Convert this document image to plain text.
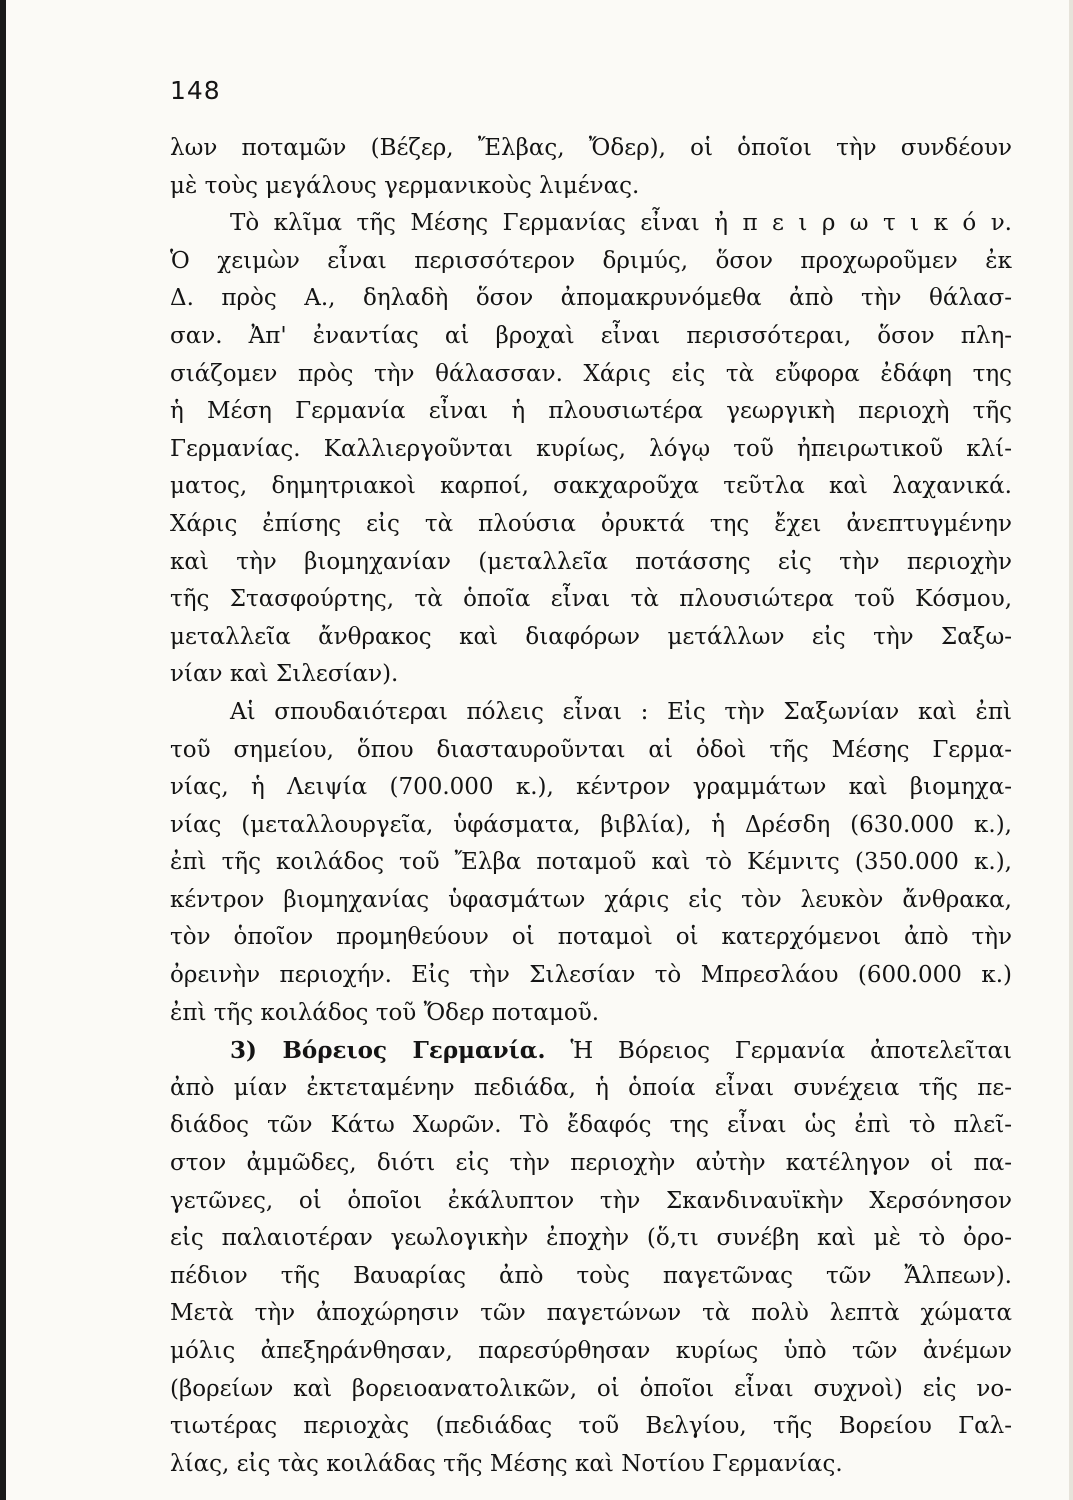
148
λων ποταμῶν (Βέζερ, Ἔλβας, Ὄδερ), οἱ ὁποῖοι τὴν συνδέουν
μὲ τοὺς μεγάλους γερμανικοὺς λιμένας.
Τὸ κλῖμα τῆς Μέσης Γερμανίας εἶναι ἠ π ε ι ρ ω τ ι κ ό ν.
Ὁ χειμὼν εἶναι περισσότερον δριμύς, ὅσον προχωροῦμεν ἐκ
Δ. πρὸς Α., δηλαδὴ ὅσον ἀπομακρυνόμεθα ἀπὸ τὴν θάλασ-
σαν. Ἀπ' ἐναντίας αἱ βροχαὶ εἶναι περισσότεραι, ὅσον πλη-
σιάζομεν πρὸς τὴν θάλασσαν. Χάρις εἰς τὰ εὔφορα ἐδάφη της
ἡ Μέση Γερμανία εἶναι ἡ πλουσιωτέρα γεωργικὴ περιοχὴ τῆς
Γερμανίας. Καλλιεργοῦνται κυρίως, λόγῳ τοῦ ἠπειρωτικοῦ κλί-
ματος, δημητριακοὶ καρποί, σακχαροῦχα τεῦτλα καὶ λαχανικά.
Χάρις ἐπίσης εἰς τὰ πλούσια ὀρυκτά της ἔχει ἀνεπτυγμένην
καὶ τὴν βιομηχανίαν (μεταλλεῖα ποτάσσης εἰς τὴν περιοχὴν
τῆς Στασφούρτης, τὰ ὁποῖα εἶναι τὰ πλουσιώτερα τοῦ Κόσμου,
μεταλλεῖα ἄνθρακος καὶ διαφόρων μετάλλων εἰς τὴν Σαξω-
νίαν καὶ Σιλεσίαν).
Αἱ σπουδαιότεραι πόλεις εἶναι : Εἰς τὴν Σαξωνίαν καὶ ἐπὶ
τοῦ σημείου, ὅπου διασταυροῦνται αἱ ὁδοὶ τῆς Μέσης Γερμα-
νίας, ἡ Λειψία (700.000 κ.), κέντρον γραμμάτων καὶ βιομηχα-
νίας (μεταλλουργεῖα, ὑφάσματα, βιβλία), ἡ Δρέσδη (630.000 κ.),
ἐπὶ τῆς κοιλάδος τοῦ Ἔλβα ποταμοῦ καὶ τὸ Κέμνιτς (350.000 κ.),
κέντρον βιομηχανίας ὑφασμάτων χάρις εἰς τὸν λευκὸν ἄνθρακα,
τὸν ὁποῖον προμηθεύουν οἱ ποταμοὶ οἱ κατερχόμενοι ἀπὸ τὴν
ὀρεινὴν περιοχήν. Εἰς τὴν Σιλεσίαν τὸ Μπρεσλάου (600.000 κ.)
ἐπὶ τῆς κοιλάδος τοῦ Ὄδερ ποταμοῦ.
3) Βόρειος Γερμανία. Ἡ Βόρειος Γερμανία ἀποτελεῖται
ἀπὸ μίαν ἐκτεταμένην πεδιάδα, ἡ ὁποία εἶναι συνέχεια τῆς πε-
διάδος τῶν Κάτω Χωρῶν. Τὸ ἔδαφός της εἶναι ὡς ἐπὶ τὸ πλεῖ-
στον ἀμμῶδες, διότι εἰς τὴν περιοχὴν αὐτὴν κατέληγον οἱ πα-
γετῶνες, οἱ ὁποῖοι ἐκάλυπτον τὴν Σκανδιναυϊκὴν Χερσόνησον
εἰς παλαιοτέραν γεωλογικὴν ἐποχὴν (ὅ,τι συνέβη καὶ μὲ τὸ ὀρο-
πέδιον τῆς Βαυαρίας ἀπὸ τοὺς παγετῶνας τῶν Ἄλπεων).
Μετὰ τὴν ἀποχώρησιν τῶν παγετώνων τὰ πολὺ λεπτὰ χώματα
μόλις ἀπεξηράνθησαν, παρεσύρθησαν κυρίως ὑπὸ τῶν ἀνέμων
(βορείων καὶ βορειοανατολικῶν, οἱ ὁποῖοι εἶναι συχνοὶ) εἰς νο-
τιωτέρας περιοχὰς (πεδιάδας τοῦ Βελγίου, τῆς Βορείου Γαλ-
λίας, εἰς τὰς κοιλάδας τῆς Μέσης καὶ Νοτίου Γερμανίας.
